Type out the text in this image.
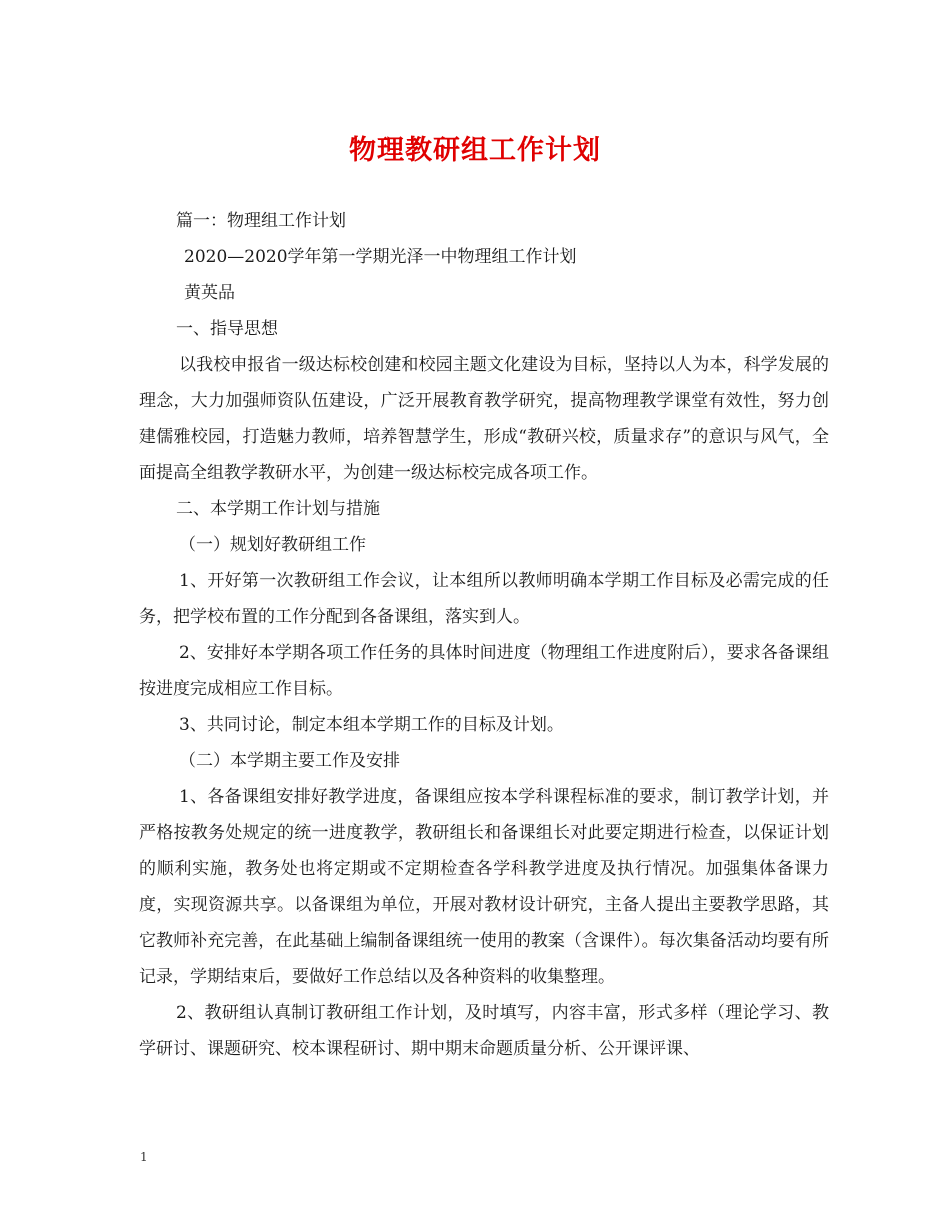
物理教研组工作计划

篇一：物理组工作计划

2020—2020学年第一学期光泽一中物理组工作计划

黄英品

一、指导思想

以我校申报省一级达标校创建和校园主题文化建设为目标，坚持以人为本，科学发展的理念，大力加强师资队伍建设，广泛开展教育教学研究，提高物理教学课堂有效性，努力创建儒雅校园，打造魅力教师，培养智慧学生，形成“教研兴校，质量求存”的意识与风气，全面提高全组教学教研水平，为创建一级达标校完成各项工作。

二、本学期工作计划与措施

（一）规划好教研组工作

1、开好第一次教研组工作会议，让本组所以教师明确本学期工作目标及必需完成的任务，把学校布置的工作分配到各备课组，落实到人。

2、安排好本学期各项工作任务的具体时间进度（物理组工作进度附后），要求各备课组按进度完成相应工作目标。

3、共同讨论，制定本组本学期工作的目标及计划。

（二）本学期主要工作及安排

1、各备课组安排好教学进度，备课组应按本学科课程标准的要求，制订教学计划，并严格按教务处规定的统一进度教学，教研组长和备课组长对此要定期进行检查，以保证计划的顺利实施，教务处也将定期或不定期检查各学科教学进度及执行情况。加强集体备课力度，实现资源共享。以备课组为单位，开展对教材设计研究，主备人提出主要教学思路，其它教师补充完善，在此基础上编制备课组统一使用的教案（含课件）。每次集备活动均要有所记录，学期结束后，要做好工作总结以及各种资料的收集整理。

2、教研组认真制订教研组工作计划，及时填写，内容丰富，形式多样（理论学习、教学研讨、课题研究、校本课程研讨、期中期末命题质量分析、公开课评课、

1
